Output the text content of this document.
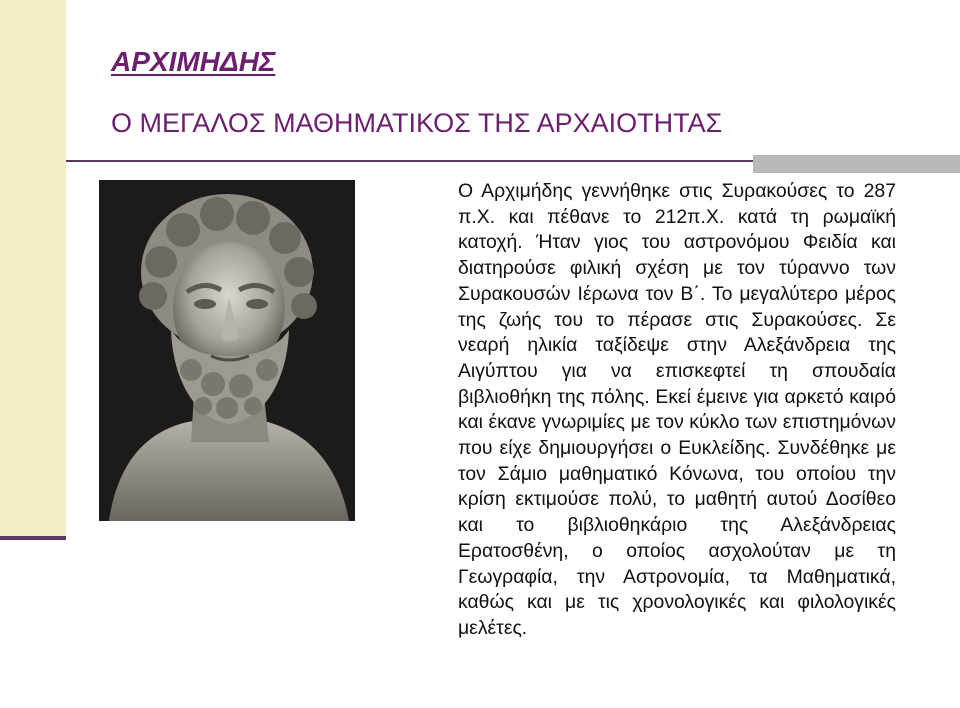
ΑΡΧΙΜΗΔΗΣ
Ο ΜΕΓΑΛΟΣ ΜΑΘΗΜΑΤΙΚΟΣ ΤΗΣ ΑΡΧΑΙΟΤΗΤΑΣ

Ο Αρχιμήδης γεννήθηκε στις Συρακούσες το 287 π.Χ. και πέθανε το 212π.Χ. κατά τη ρωμαϊκή κατοχή. Ήταν γιος του αστρονόμου Φειδία και διατηρούσε φιλική σχέση με τον τύραννο των Συρακουσών Ιέρωνα τον Β΄. Το μεγαλύτερο μέρος της ζωής του το πέρασε στις Συρακούσες. Σε νεαρή ηλικία ταξίδεψε στην Αλεξάνδρεια της Αιγύπτου για να επισκεφτεί τη σπουδαία βιβλιοθήκη της πόλης. Εκεί έμεινε για αρκετό καιρό και έκανε γνωριμίες με τον κύκλο των επιστημόνων που είχε δημιουργήσει ο Ευκλείδης. Συνδέθηκε με τον Σάμιο μαθηματικό Κόνωνα, του οποίου την κρίση εκτιμούσε πολύ, το μαθητή αυτού Δοσίθεο και το βιβλιοθηκάριο της Αλεξάνδρειας Ερατοσθένη, ο οποίος ασχολούταν με τη Γεωγραφία, την Αστρονομία, τα Μαθηματικά, καθώς και με τις χρονολογικές και φιλολογικές μελέτες.
